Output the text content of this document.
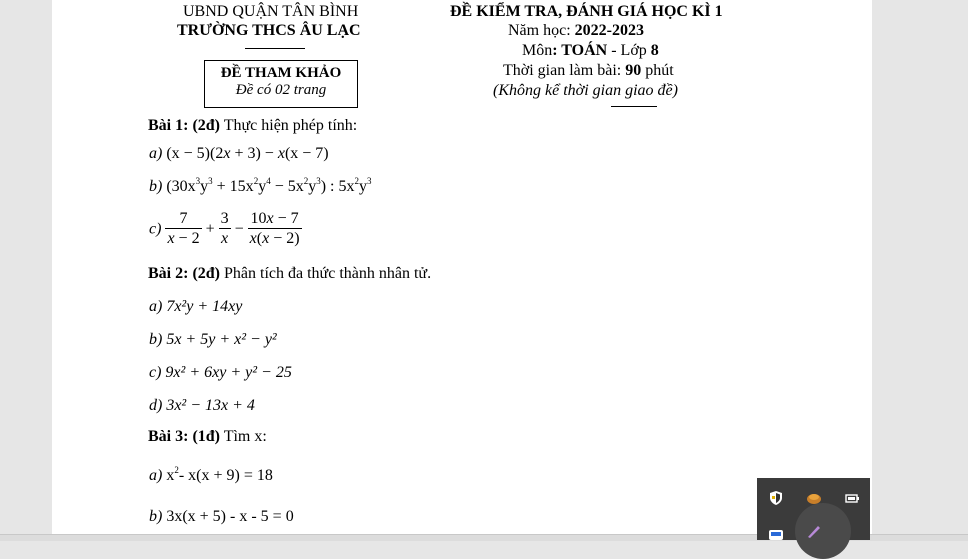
UBND QUẬN TÂN BÌNH
TRƯỜNG THCS ÂU LẠC
ĐỀ THAM KHẢO
Đề có 02 trang
ĐỀ KIỂM TRA, ĐÁNH GIÁ HỌC KÌ 1
Năm học: 2022-2023
Môn: TOÁN - Lớp 8
Thời gian làm bài: 90 phút
(Không kể thời gian giao đề)
Bài 1: (2đ) Thực hiện phép tính:
a) (x − 5)(2x + 3) − x(x − 7)
b) $(30x^3y^3 + 15x^2y^4 - 5x^2y^3)$ : $5x^2y^3$
$c) \frac{7}{x - 2} + \frac{3}{x} - \frac{10x - 7}{x(x - 2)}$
Bài 2: (2đ) Phân tích đa thức thành nhân tử.
a) 7x²y + 14xy
b) 5x + 5y + x² − y²
c) 9x² + 6xy + y² − 25
d) 3x² − 13x + 4
Bài 3: (1đ) Tìm x:
a) $x^2-$ x(x + 9) = 18
b) 3x(x + 5) - x - 5 = 0
